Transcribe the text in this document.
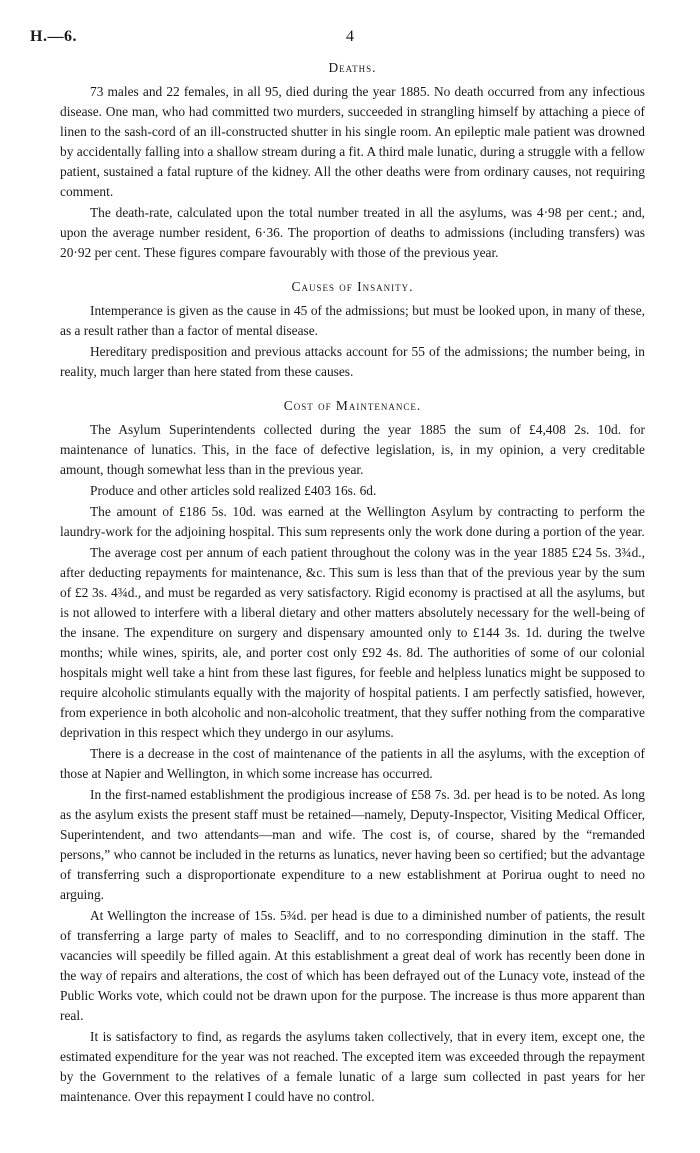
H.—6.	4
Deaths.

73 males and 22 females, in all 95, died during the year 1885. No death occurred from any infectious disease. One man, who had committed two murders, succeeded in strangling himself by attaching a piece of linen to the sash-cord of an ill-constructed shutter in his single room. An epileptic male patient was drowned by accidentally falling into a shallow stream during a fit. A third male lunatic, during a struggle with a fellow patient, sustained a fatal rupture of the kidney. All the other deaths were from ordinary causes, not requiring comment.

The death-rate, calculated upon the total number treated in all the asylums, was 4·98 per cent.; and, upon the average number resident, 6·36. The proportion of deaths to admissions (including transfers) was 20·92 per cent. These figures compare favourably with those of the previous year.

Causes of Insanity.

Intemperance is given as the cause in 45 of the admissions; but must be looked upon, in many of these, as a result rather than a factor of mental disease.

Hereditary predisposition and previous attacks account for 55 of the admissions; the number being, in reality, much larger than here stated from these causes.

Cost of Maintenance.

The Asylum Superintendents collected during the year 1885 the sum of £4,408 2s. 10d. for maintenance of lunatics. This, in the face of defective legislation, is, in my opinion, a very creditable amount, though somewhat less than in the previous year.

Produce and other articles sold realized £403 16s. 6d.

The amount of £186 5s. 10d. was earned at the Wellington Asylum by contracting to perform the laundry-work for the adjoining hospital. This sum represents only the work done during a portion of the year.

The average cost per annum of each patient throughout the colony was in the year 1885 £24 5s. 3¾d., after deducting repayments for maintenance, &c. This sum is less than that of the previous year by the sum of £2 3s. 4¾d., and must be regarded as very satisfactory. Rigid economy is practised at all the asylums, but is not allowed to interfere with a liberal dietary and other matters absolutely necessary for the well-being of the insane. The expenditure on surgery and dispensary amounted only to £144 3s. 1d. during the twelve months; while wines, spirits, ale, and porter cost only £92 4s. 8d. The authorities of some of our colonial hospitals might well take a hint from these last figures, for feeble and helpless lunatics might be supposed to require alcoholic stimulants equally with the majority of hospital patients. I am perfectly satisfied, however, from experience in both alcoholic and non-alcoholic treatment, that they suffer nothing from the comparative deprivation in this respect which they undergo in our asylums.

There is a decrease in the cost of maintenance of the patients in all the asylums, with the exception of those at Napier and Wellington, in which some increase has occurred.

In the first-named establishment the prodigious increase of £58 7s. 3d. per head is to be noted. As long as the asylum exists the present staff must be retained—namely, Deputy-Inspector, Visiting Medical Officer, Superintendent, and two attendants—man and wife. The cost is, of course, shared by the “remanded persons,” who cannot be included in the returns as lunatics, never having been so certified; but the advantage of transferring such a disproportionate expenditure to a new establishment at Porirua ought to need no arguing.

At Wellington the increase of 15s. 5¾d. per head is due to a diminished number of patients, the result of transferring a large party of males to Seacliff, and to no corresponding diminution in the staff. The vacancies will speedily be filled again. At this establishment a great deal of work has recently been done in the way of repairs and alterations, the cost of which has been defrayed out of the Lunacy vote, instead of the Public Works vote, which could not be drawn upon for the purpose. The increase is thus more apparent than real.

It is satisfactory to find, as regards the asylums taken collectively, that in every item, except one, the estimated expenditure for the year was not reached. The excepted item was exceeded through the repayment by the Government to the relatives of a female lunatic of a large sum collected in past years for her maintenance. Over this repayment I could have no control.
